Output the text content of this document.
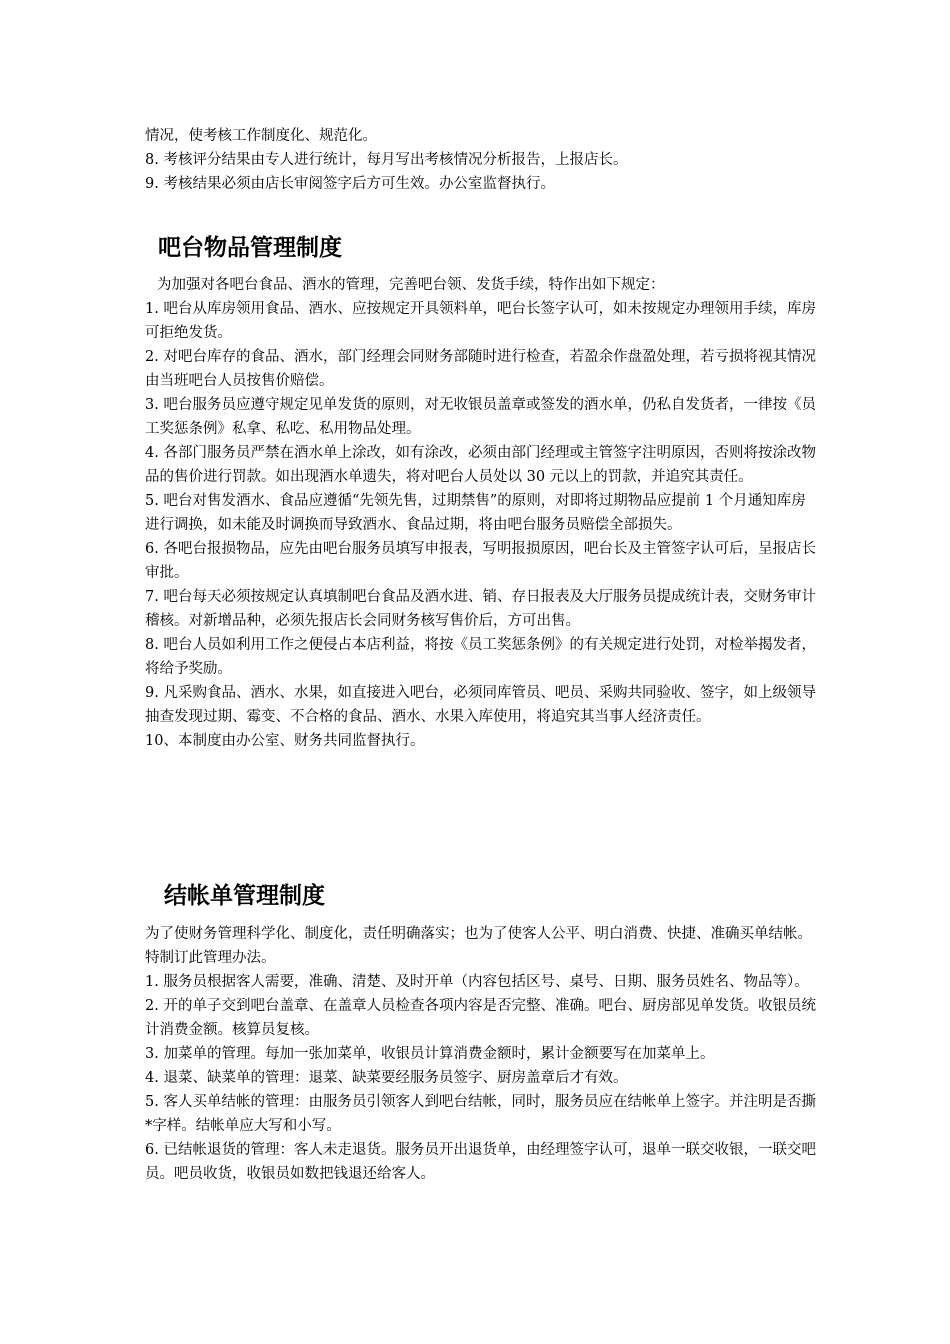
情况，使考核工作制度化、规范化。

8. 考核评分结果由专人进行统计，每月写出考核情况分析报告，上报店长。

9. 考核结果必须由店长审阅签字后方可生效。办公室监督执行。

吧台物品管理制度

为加强对各吧台食品、酒水的管理，完善吧台领、发货手续，特作出如下规定：

1. 吧台从库房领用食品、酒水、应按规定开具领料单，吧台长签字认可，如未按规定办理领用手续，库房可拒绝发货。

2. 对吧台库存的食品、酒水，部门经理会同财务部随时进行检查，若盈余作盘盈处理，若亏损将视其情况由当班吧台人员按售价赔偿。

3. 吧台服务员应遵守规定见单发货的原则，对无收银员盖章或签发的酒水单，仍私自发货者，一律按《员工奖惩条例》私拿、私吃、私用物品处理。

4. 各部门服务员严禁在酒水单上涂改，如有涂改，必须由部门经理或主管签字注明原因，否则将按涂改物品的售价进行罚款。如出现酒水单遗失，将对吧台人员处以 30 元以上的罚款，并追究其责任。

5. 吧台对售发酒水、食品应遵循“先领先售，过期禁售”的原则，对即将过期物品应提前 1 个月通知库房进行调换，如未能及时调换而导致酒水、食品过期，将由吧台服务员赔偿全部损失。

6. 各吧台报损物品，应先由吧台服务员填写申报表，写明报损原因，吧台长及主管签字认可后，呈报店长审批。

7. 吧台每天必须按规定认真填制吧台食品及酒水进、销、存日报表及大厅服务员提成统计表，交财务审计稽核。对新增品种，必须先报店长会同财务核写售价后，方可出售。

8. 吧台人员如利用工作之便侵占本店利益，将按《员工奖惩条例》的有关规定进行处罚，对检举揭发者，将给予奖励。

9. 凡采购食品、酒水、水果，如直接进入吧台，必须同库管员、吧员、采购共同验收、签字，如上级领导抽查发现过期、霉变、不合格的食品、酒水、水果入库使用，将追究其当事人经济责任。

10、本制度由办公室、财务共同监督执行。

结帐单管理制度

为了使财务管理科学化、制度化，责任明确落实；也为了使客人公平、明白消费、快捷、准确买单结帐。特制订此管理办法。

1. 服务员根据客人需要，准确、清楚、及时开单（内容包括区号、桌号、日期、服务员姓名、物品等）。

2. 开的单子交到吧台盖章、在盖章人员检查各项内容是否完整、准确。吧台、厨房部见单发货。收银员统计消费金额。核算员复核。

3. 加菜单的管理。每加一张加菜单，收银员计算消费金额时，累计金额要写在加菜单上。

4. 退菜、缺菜单的管理：退菜、缺菜要经服务员签字、厨房盖章后才有效。

5. 客人买单结帐的管理：由服务员引领客人到吧台结帐，同时，服务员应在结帐单上签字。并注明是否撕*字样。结帐单应大写和小写。

6. 已结帐退货的管理：客人未走退货。服务员开出退货单，由经理签字认可，退单一联交收银，一联交吧员。吧员收货，收银员如数把钱退还给客人。
